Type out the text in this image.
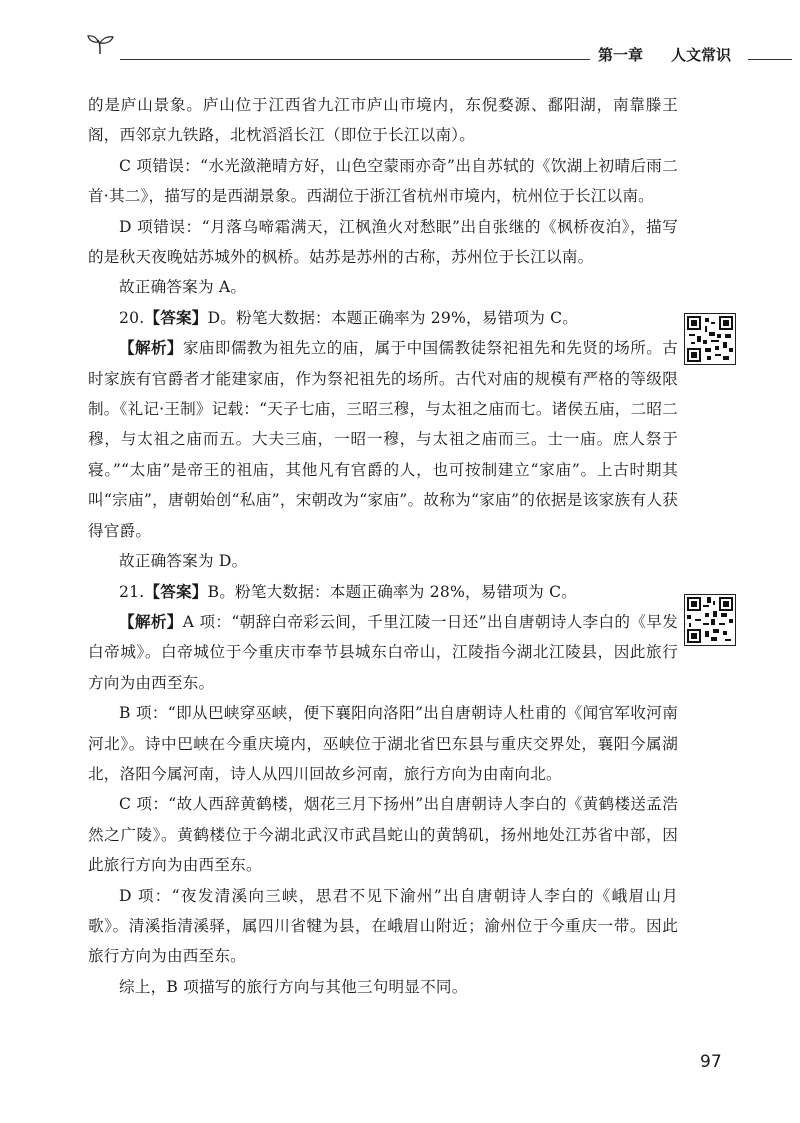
第一章 人文常识

的是庐山景象。庐山位于江西省九江市庐山市境内，东倪婺源、鄱阳湖，南靠滕王阁，西邻京九铁路，北枕滔滔长江（即位于长江以南）。

C 项错误：“水光潋滟晴方好，山色空蒙雨亦奇”出自苏轼的《饮湖上初晴后雨二首·其二》，描写的是西湖景象。西湖位于浙江省杭州市境内，杭州位于长江以南。

D 项错误：“月落乌啼霜满天，江枫渔火对愁眠”出自张继的《枫桥夜泊》，描写的是秋天夜晚姑苏城外的枫桥。姑苏是苏州的古称，苏州位于长江以南。

故正确答案为 A。

20.【答案】D。粉笔大数据：本题正确率为 29%，易错项为 C。

【解析】家庙即儒教为祖先立的庙，属于中国儒教徒祭祀祖先和先贤的场所。古时家族有官爵者才能建家庙，作为祭祀祖先的场所。古代对庙的规模有严格的等级限制。《礼记·王制》记载：“天子七庙，三昭三穆，与太祖之庙而七。诸侯五庙，二昭二穆，与太祖之庙而五。大夫三庙，一昭一穆，与太祖之庙而三。士一庙。庶人祭于寝。”“太庙”是帝王的祖庙，其他凡有官爵的人，也可按制建立“家庙”。上古时期其叫“宗庙”，唐朝始创“私庙”，宋朝改为“家庙”。故称为“家庙”的依据是该家族有人获得官爵。

故正确答案为 D。

21.【答案】B。粉笔大数据：本题正确率为 28%，易错项为 C。

【解析】A 项：“朝辞白帝彩云间，千里江陵一日还”出自唐朝诗人李白的《早发白帝城》。白帝城位于今重庆市奉节县城东白帝山，江陵指今湖北江陵县，因此旅行方向为由西至东。

B 项：“即从巴峡穿巫峡，便下襄阳向洛阳”出自唐朝诗人杜甫的《闻官军收河南河北》。诗中巴峡在今重庆境内，巫峡位于湖北省巴东县与重庆交界处，襄阳今属湖北，洛阳今属河南，诗人从四川回故乡河南，旅行方向为由南向北。

C 项：“故人西辞黄鹤楼，烟花三月下扬州”出自唐朝诗人李白的《黄鹤楼送孟浩然之广陵》。黄鹤楼位于今湖北武汉市武昌蛇山的黄鹄矶，扬州地处江苏省中部，因此旅行方向为由西至东。

D 项：“夜发清溪向三峡，思君不见下渝州”出自唐朝诗人李白的《峨眉山月歌》。清溪指清溪驿，属四川省犍为县，在峨眉山附近；渝州位于今重庆一带。因此旅行方向为由西至东。

综上，B 项描写的旅行方向与其他三句明显不同。

97
